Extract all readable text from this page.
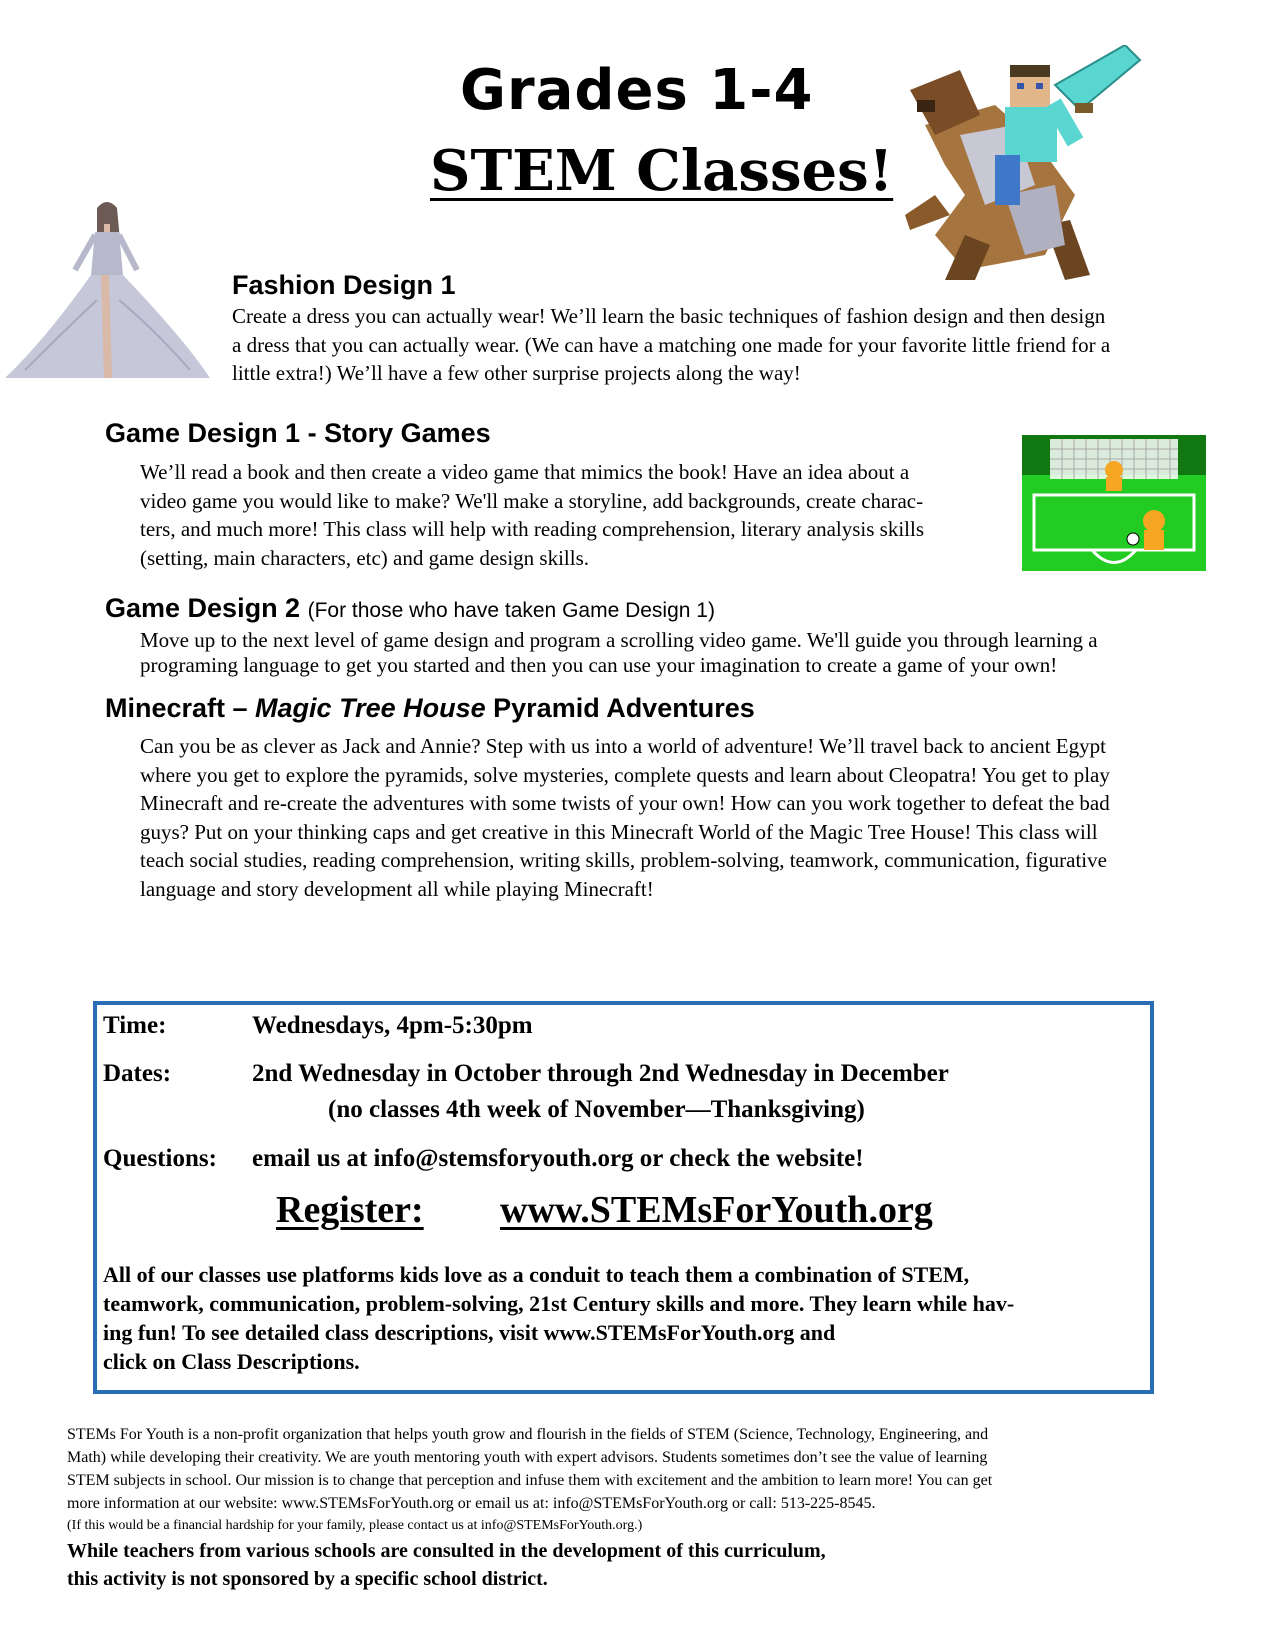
Grades 1-4
STEM Classes!
Fashion Design 1
Create a dress you can actually wear! We’ll learn the basic techniques of fashion design and then design
a dress that you can actually wear. (We can have a matching one made for your favorite little friend for a
little extra!) We’ll have a few other surprise projects along the way!
Game Design 1 - Story Games
We’ll read a book and then create a video game that mimics the book! Have an idea about a
video game you would like to make? We'll make a storyline, add backgrounds, create charac-
ters, and much more! This class will help with reading comprehension, literary analysis skills
(setting, main characters, etc) and game design skills.
Game Design 2 (For those who have taken Game Design 1)
Move up to the next level of game design and program a scrolling video game. We'll guide you through learning a
programing language to get you started and then you can use your imagination to create a game of your own!
Minecraft – Magic Tree House Pyramid Adventures
Can you be as clever as Jack and Annie? Step with us into a world of adventure! We’ll travel back to ancient Egypt
where you get to explore the pyramids, solve mysteries, complete quests and learn about Cleopatra! You get to play
Minecraft and re-create the adventures with some twists of your own! How can you work together to defeat the bad
guys? Put on your thinking caps and get creative in this Minecraft World of the Magic Tree House! This class will
teach social studies, reading comprehension, writing skills, problem-solving, teamwork, communication, figurative
language and story development all while playing Minecraft!
Time:	Wednesdays, 4pm-5:30pm
Dates:	2nd Wednesday in October through 2nd Wednesday in December
(no classes 4th week of November—Thanksgiving)
Questions: email us at info@stemsforyouth.org or check the website!
Register: www.STEMsForYouth.org
All of our classes use platforms kids love as a conduit to teach them a combination of STEM,
teamwork, communication, problem-solving, 21st Century skills and more. They learn while hav-
ing fun! To see detailed class descriptions, visit www.STEMsForYouth.org and
click on Class Descriptions.
STEMs For Youth is a non-profit organization that helps youth grow and flourish in the fields of STEM (Science, Technology, Engineering, and
Math) while developing their creativity. We are youth mentoring youth with expert advisors. Students sometimes don’t see the value of learning
STEM subjects in school. Our mission is to change that perception and infuse them with excitement and the ambition to learn more! You can get
more information at our website: www.STEMsForYouth.org or email us at: info@STEMsForYouth.org or call: 513-225-8545.
(If this would be a financial hardship for your family, please contact us at info@STEMsForYouth.org.)
While teachers from various schools are consulted in the development of this curriculum,
this activity is not sponsored by a specific school district.
